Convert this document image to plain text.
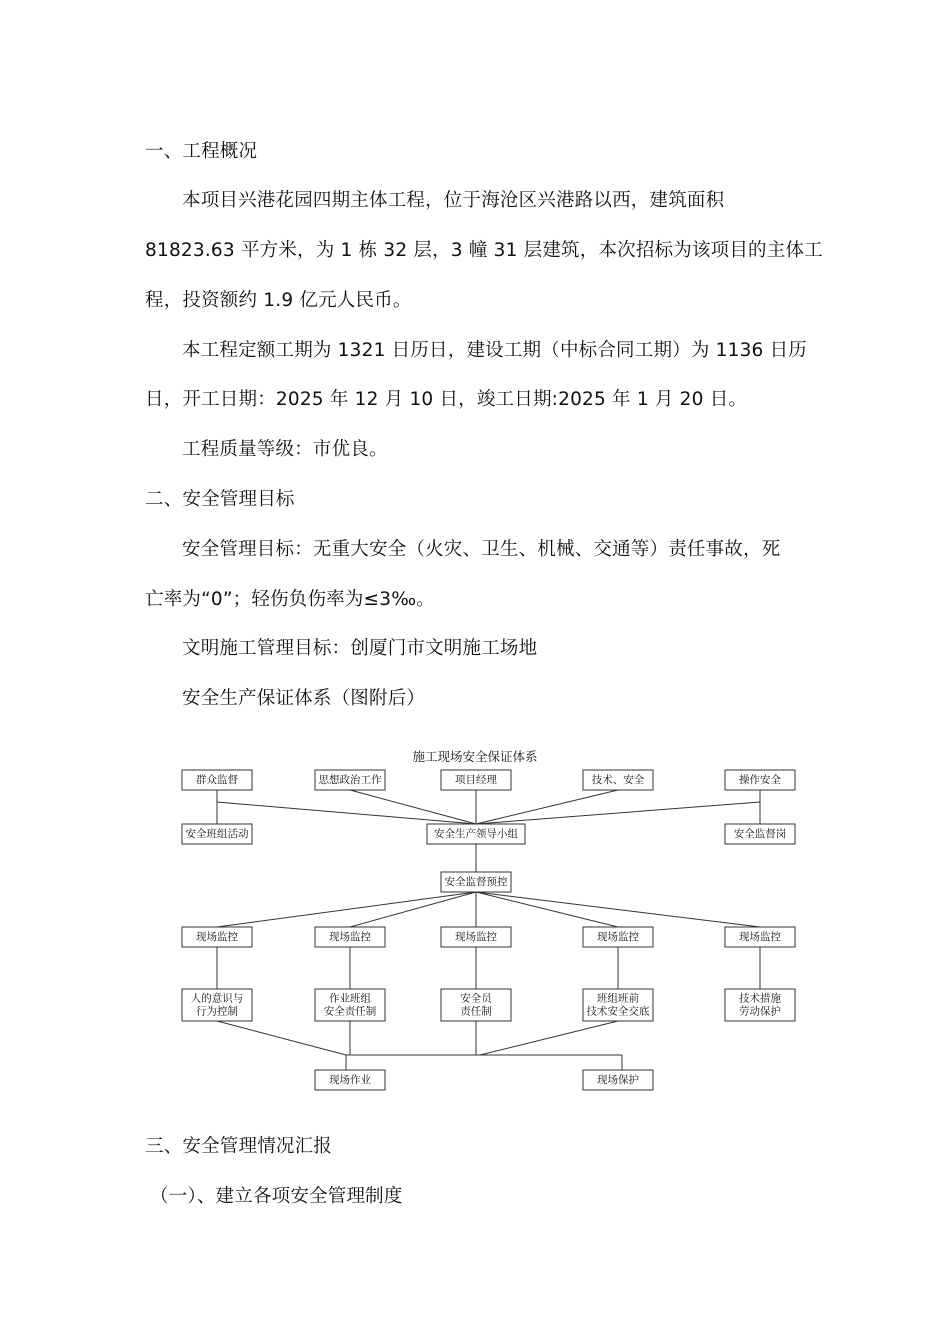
一、工程概况
本项目兴港花园四期主体工程，位于海沧区兴港路以西，建筑面积
81823.63 平方米，为 1 栋 32 层，3 幢 31 层建筑，本次招标为该项目的主体工
程，投资额约 1.9 亿元人民币。
本工程定额工期为 1321 日历日，建设工期（中标合同工期）为 1136 日历
日，开工日期：2025 年 12 月 10 日，竣工日期:2025 年 1 月 20 日。
工程质量等级：市优良。
二、安全管理目标
安全管理目标：无重大安全（火灾、卫生、机械、交通等）责任事故，死
亡率为“0”；轻伤负伤率为≤3‰。
文明施工管理目标：创厦门市文明施工场地
安全生产保证体系（图附后）
三、安全管理情况汇报
（一）、建立各项安全管理制度
施工现场安全保证体系
群众监督	思想政治工作	项目经理	技术、安全	操作安全
安全班组活动	安全生产领导小组	安全监督岗
安全监督预控
现场监控	现场监控	现场监控	现场监控	现场监控
人的意识与
行为控制
作业班组
安全责任制
安全员
责任制
班组班前
技术安全交底
技术措施
劳动保护
现场作业	现场保护
